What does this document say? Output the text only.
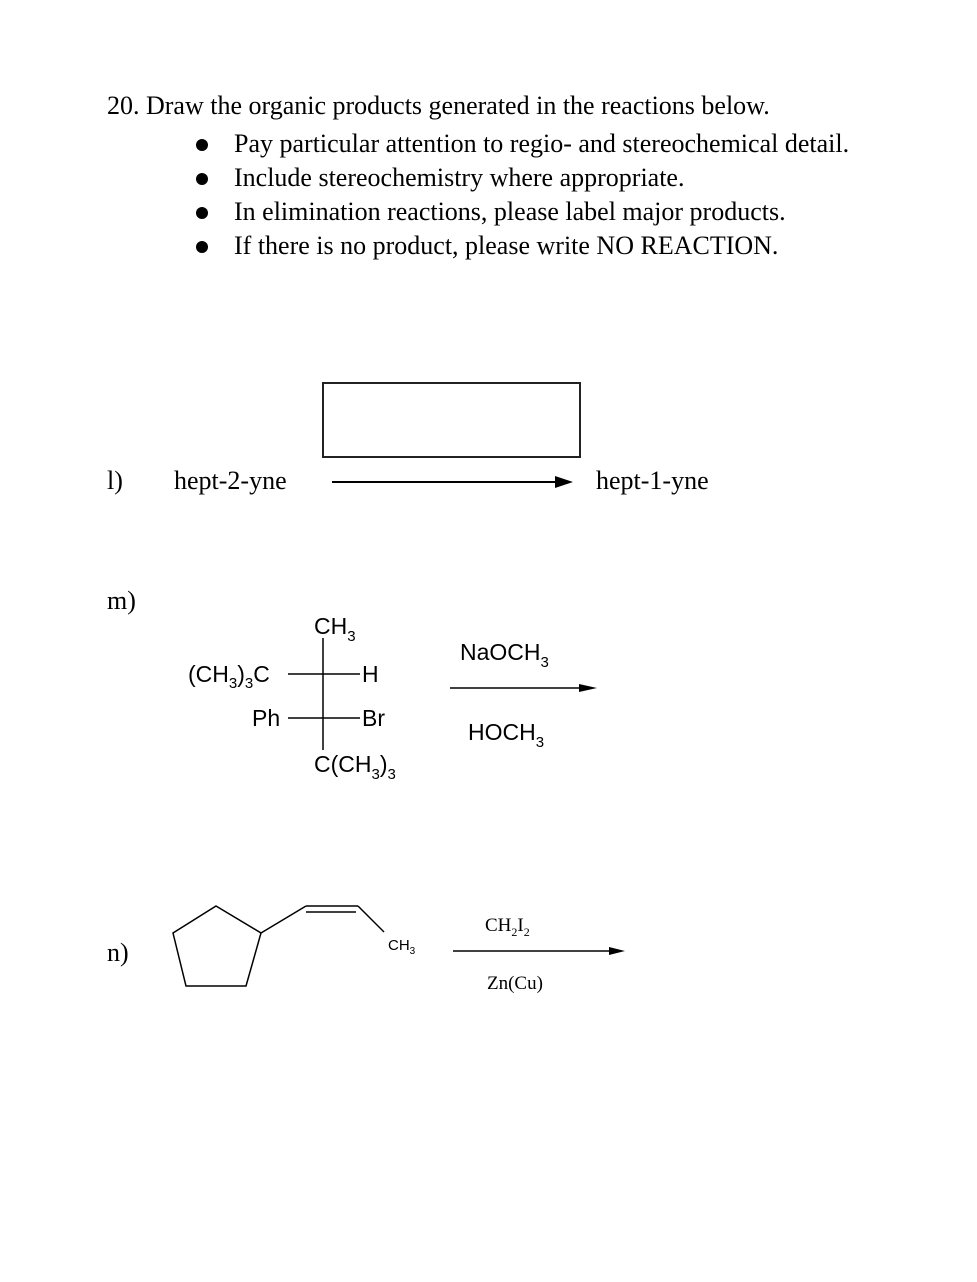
20. Draw the organic products generated in the reactions below.
Pay particular attention to regio- and stereochemical detail.
Include stereochemistry where appropriate.
In elimination reactions, please label major products.
If there is no product, please write NO REACTION.
l) hept-2-yne	hept-1-yne
m)
$CH_3$
$(CH_3)_3C$	H
Ph	Br
$C(CH_3)_3$
NaOCH$_3$
$HOCH_3$
n)	$CH_3$
$CH_2I_2$
Zn(Cu)
